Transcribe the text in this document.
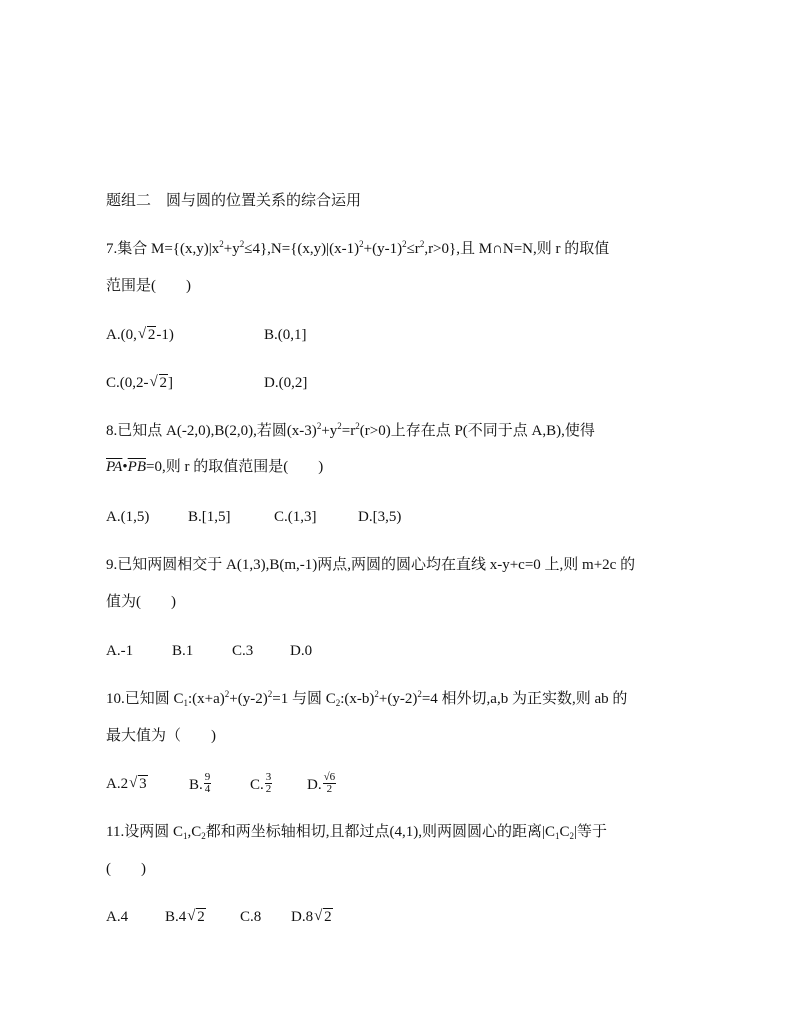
题组二　圆与圆的位置关系的综合运用
7.集合 $M=\{(x,y)|x^2+y^2\le 4\},N=\{(x,y)|(x-1)^2+(y-1)^2\le r^2,r>0\}$,且 M∩N=N,则 r 的取值
范围是(　　)
A.(0, √ 2-1)	B.(0,1]
C.(0,2- √ 2]	D.(0,2]
8.已知点 A(-2,0),B(2,0),若圆$(x-3)^2+y^2=r^2(r>0)$上存在点 P(不同于点 A,B),使得
$\overline{PA}•\overline{PB}=0$,则 r 的取值范围是(　　)
A.(1,5)	B.[1,5]	C.(1,3]	D.[3,5)
9.已知两圆相交于 A(1,3),B(m,-1)两点,两圆的圆心均在直线 x-y+c=0 上,则 m+2c 的
值为(　　)
A.-1	B.1	C.3 D.0
10.已知圆 $C_1:(x+a)^2+(y-2)^2=1$ 与圆 $C_2:(x-b)^2+(y-2)^2=4$ 相外切,a,b 为正实数,则 ab 的
最大值为（　　)
A.2 √ 3	B. $\frac{9}{4}$	C. $\frac{3}{2} D$. $\frac{√6}{2}$
11.设两圆 $C_1,C_2$都和两坐标轴相切,且都过点(4,1),则两圆圆心的距离$|C_1C_2|$等于
(　　)
A.4 B.4 √ 2 C.8 D.8 √ 2
